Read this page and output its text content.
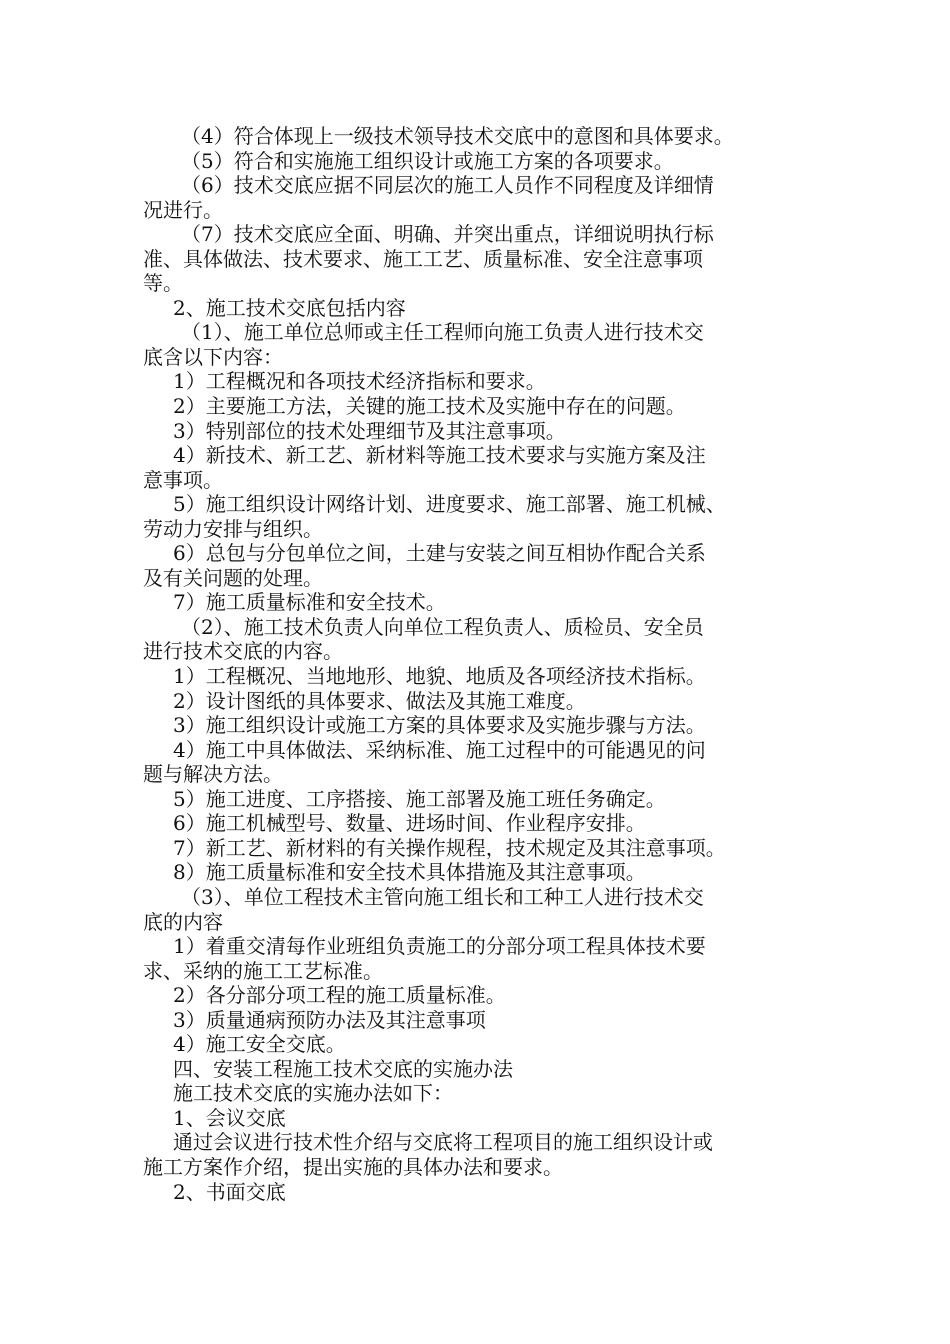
（4）符合体现上一级技术领导技术交底中的意图和具体要求。
（5）符合和实施施工组织设计或施工方案的各项要求。
（6）技术交底应据不同层次的施工人员作不同程度及详细情
况进行。
（7）技术交底应全面、明确、并突出重点，详细说明执行标
准、具体做法、技术要求、施工工艺、质量标准、安全注意事项
等。
2、施工技术交底包括内容
（1）、施工单位总师或主任工程师向施工负责人进行技术交
底含以下内容：
1）工程概况和各项技术经济指标和要求。
2）主要施工方法，关键的施工技术及实施中存在的问题。
3）特别部位的技术处理细节及其注意事项。
4）新技术、新工艺、新材料等施工技术要求与实施方案及注
意事项。
5）施工组织设计网络计划、进度要求、施工部署、施工机械、
劳动力安排与组织。
6）总包与分包单位之间，土建与安装之间互相协作配合关系
及有关问题的处理。
7）施工质量标准和安全技术。
（2）、施工技术负责人向单位工程负责人、质检员、安全员
进行技术交底的内容。
1）工程概况、当地地形、地貌、地质及各项经济技术指标。
2）设计图纸的具体要求、做法及其施工难度。
3）施工组织设计或施工方案的具体要求及实施步骤与方法。
4）施工中具体做法、采纳标准、施工过程中的可能遇见的问
题与解决方法。
5）施工进度、工序搭接、施工部署及施工班任务确定。
6）施工机械型号、数量、进场时间、作业程序安排。
7）新工艺、新材料的有关操作规程，技术规定及其注意事项。
8）施工质量标准和安全技术具体措施及其注意事项。
（3）、单位工程技术主管向施工组长和工种工人进行技术交
底的内容
1）着重交清每作业班组负责施工的分部分项工程具体技术要
求、采纳的施工工艺标准。
2）各分部分项工程的施工质量标准。
3）质量通病预防办法及其注意事项
4）施工安全交底。
四、安装工程施工技术交底的实施办法
施工技术交底的实施办法如下：
1、会议交底
通过会议进行技术性介绍与交底将工程项目的施工组织设计或
施工方案作介绍，提出实施的具体办法和要求。
2、书面交底
